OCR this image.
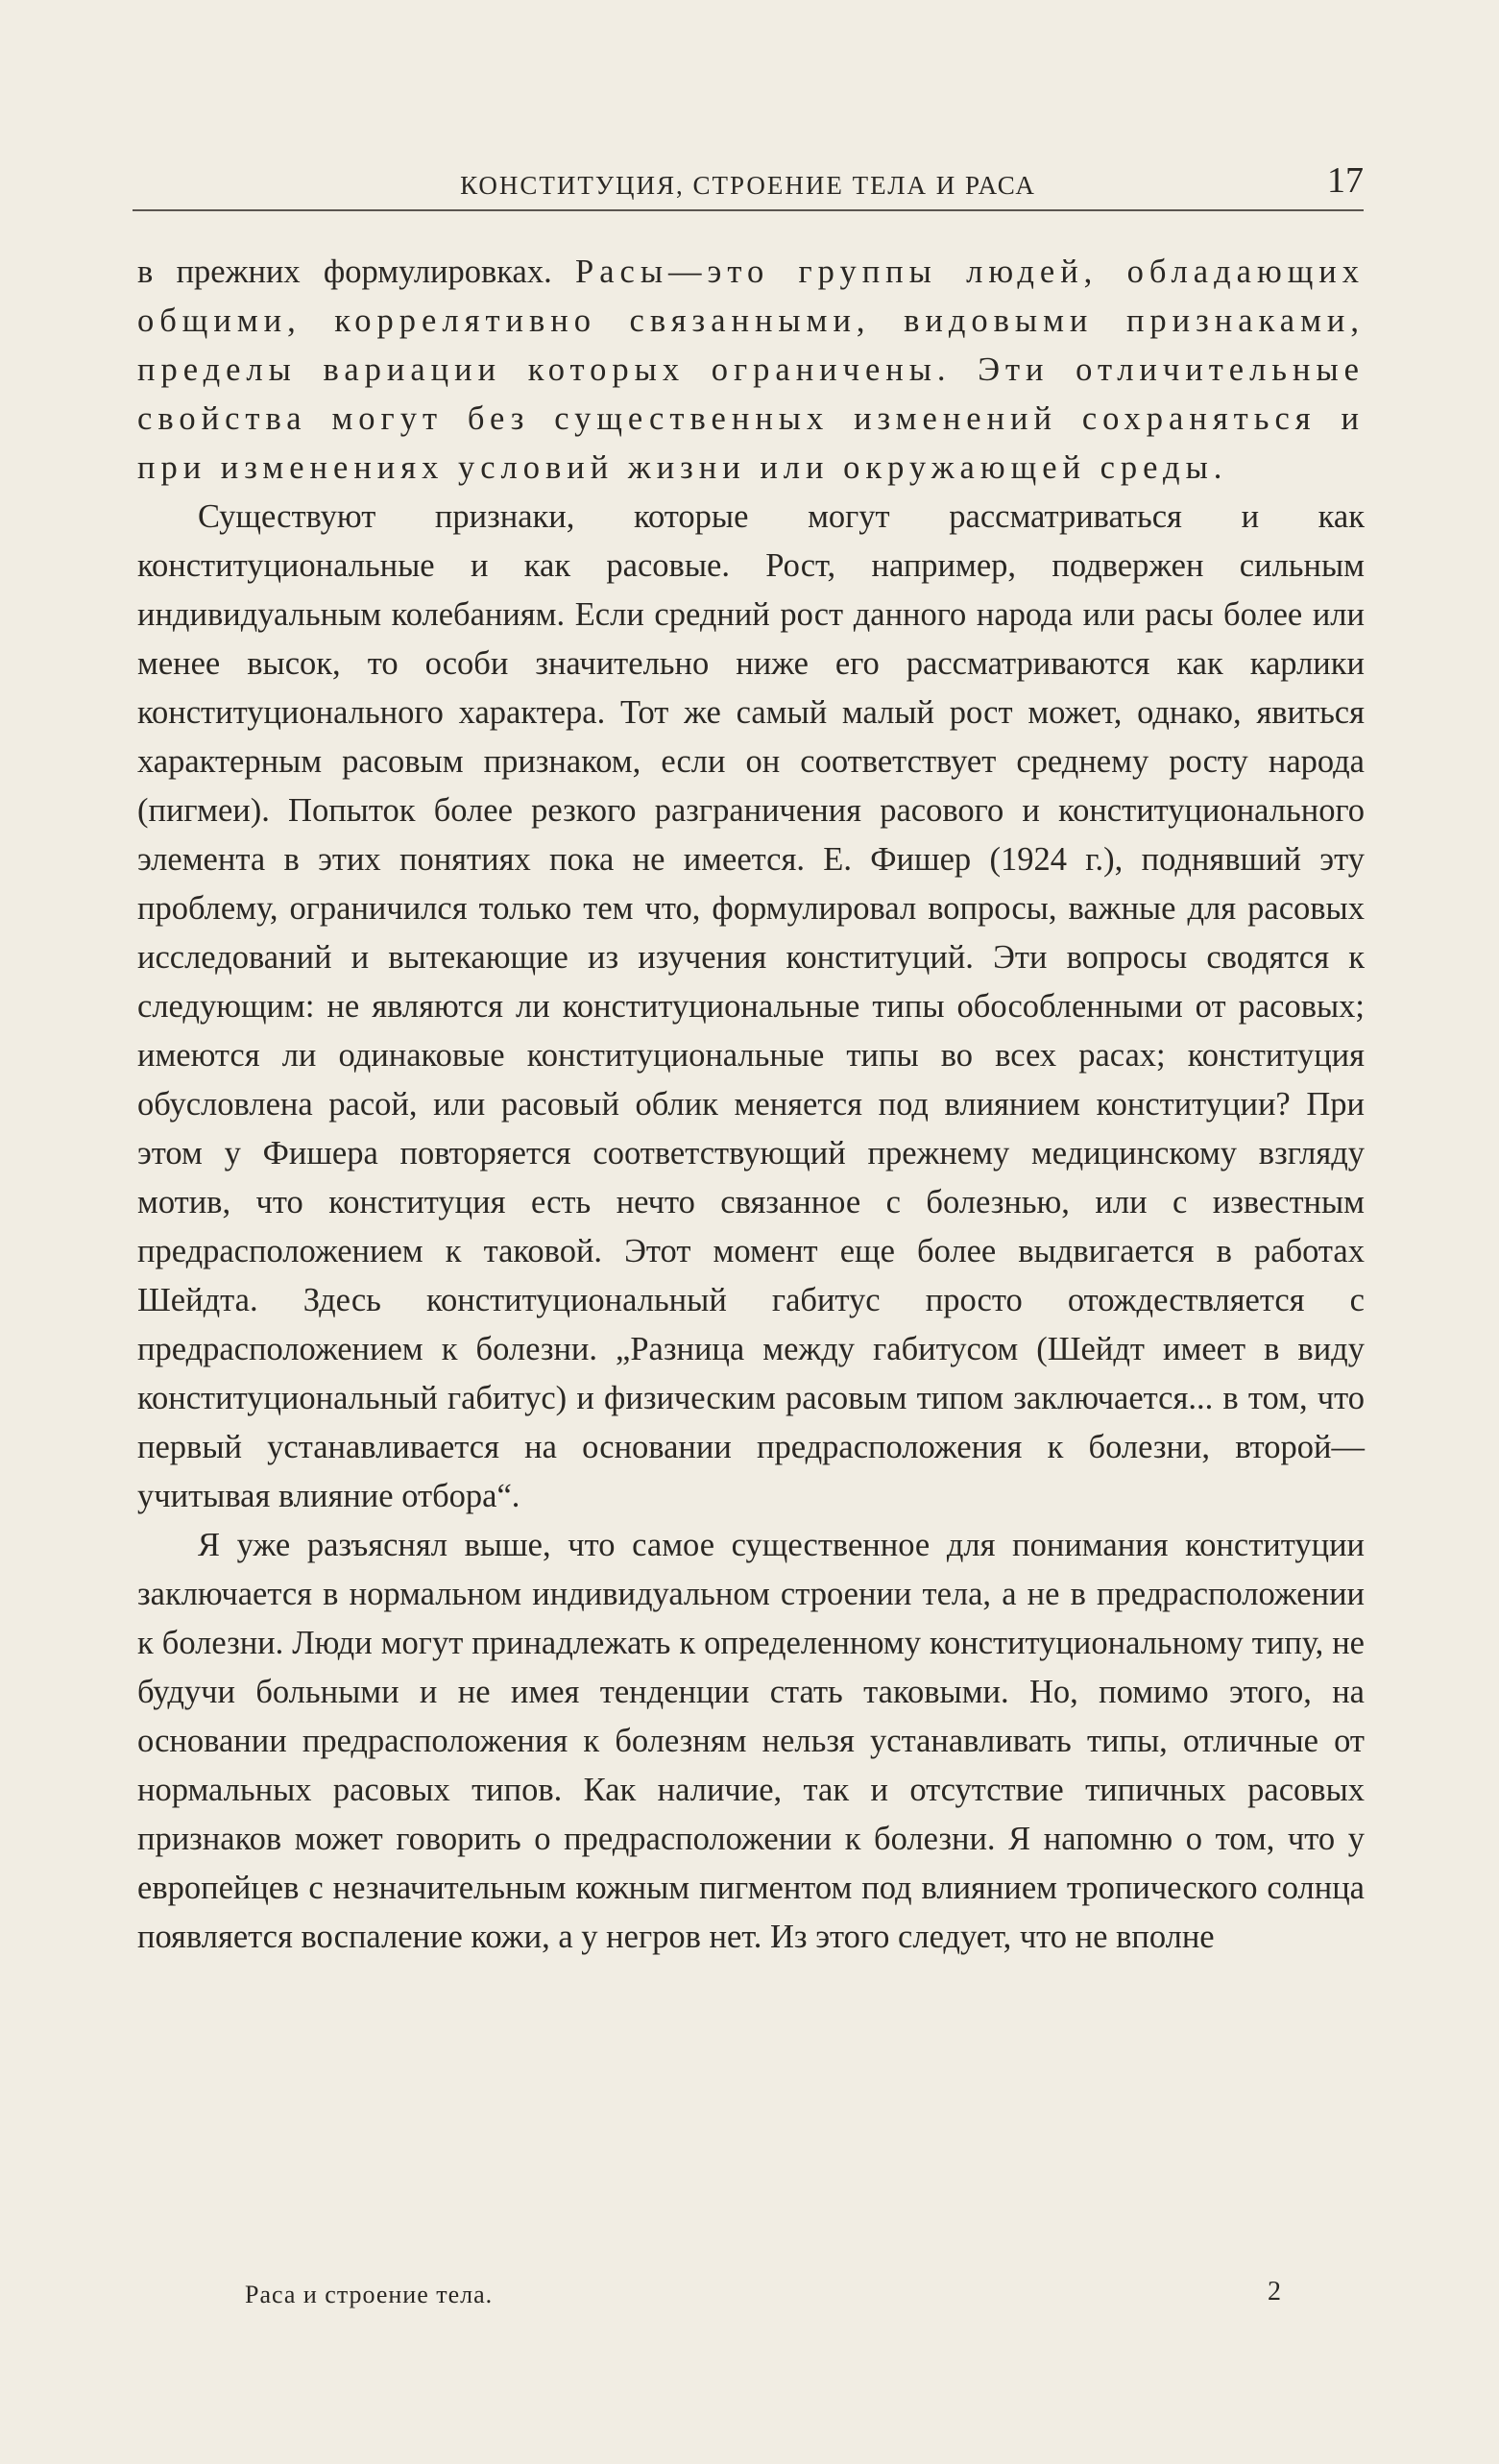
КОНСТИТУЦИЯ, СТРОЕНИЕ ТЕЛА И РАСА	17

в прежних формулировках. Расы—это группы людей, обладающих общими, коррелятивно связанными, видовыми признаками, пределы вариации которых ограничены. Эти отличительные свойства могут без существенных изменений сохраняться и при изменениях условий жизни или окружающей среды.

Существуют признаки, которые могут рассматриваться и как конституциональные и как расовые. Рост, например, подвержен сильным индивидуальным колебаниям. Если средний рост данного народа или расы более или менее высок, то особи значительно ниже его рассматриваются как карлики конституционального характера. Тот же самый малый рост может, однако, явиться характерным расовым признаком, если он соответствует среднему росту народа (пигмеи). Попыток более резкого разграничения расового и конституционального элемента в этих понятиях пока не имеется. Е. Фишер (1924 г.), поднявший эту проблему, ограничился только тем что, формулировал вопросы, важные для расовых исследований и вытекающие из изучения конституций. Эти вопросы сводятся к следующим: не являются ли конституциональные типы обособленными от расовых; имеются ли одинаковые конституциональные типы во всех расах; конституция обусловлена расой, или расовый облик меняется под влиянием конституции? При этом у Фишера повторяется соответствующий прежнему медицинскому взгляду мотив, что конституция есть нечто связанное с болезнью, или с известным предрасположением к таковой. Этот момент еще более выдвигается в работах Шейдта. Здесь конституциональный габитус просто отождествляется с предрасположением к болезни. „Разница между габитусом (Шейдт имеет в виду конституциональный габитус) и физическим расовым типом заключается... в том, что первый устанавливается на основании предрасположения к болезни, второй—учитывая влияние отбора“.

Я уже разъяснял выше, что самое существенное для понимания конституции заключается в нормальном индивидуальном строении тела, а не в предрасположении к болезни. Люди могут принадлежать к определенному конституциональному типу, не будучи больными и не имея тенденции стать таковыми. Но, помимо этого, на основании предрасположения к болезням нельзя устанавливать типы, отличные от нормальных расовых типов. Как наличие, так и отсутствие типичных расовых признаков может говорить о предрасположении к болезни. Я напомню о том, что у европейцев с незначительным кожным пигментом под влиянием тропического солнца появляется воспаление кожи, а у негров нет. Из этого следует, что не вполне

Раса и строение тела.	2
